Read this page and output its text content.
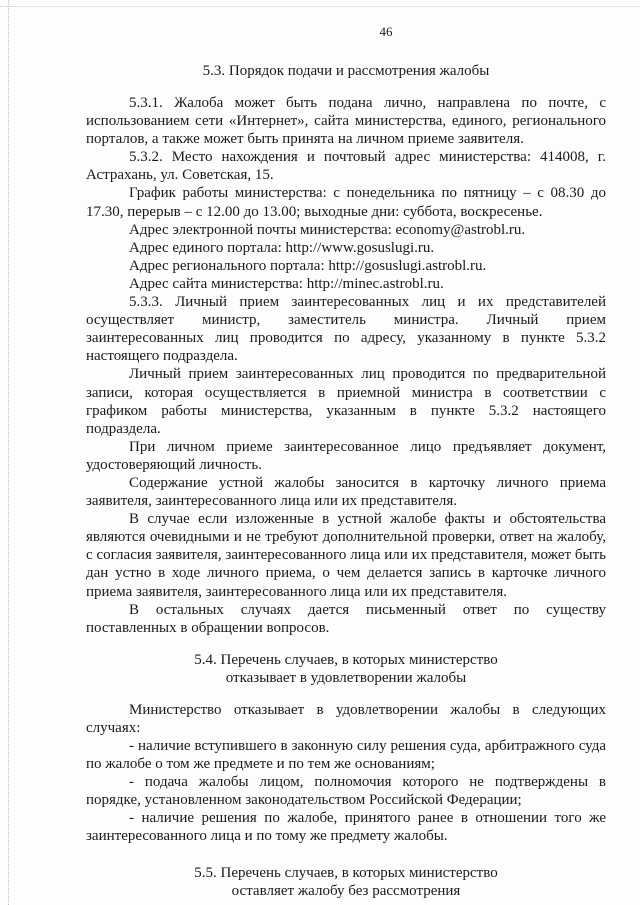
46
5.3. Порядок подачи и рассмотрения жалобы

5.3.1. Жалоба может быть подана лично, направлена по почте, с использованием сети «Интернет», сайта министерства, единого, регионального порталов, а также может быть принята на личном приеме заявителя.

5.3.2. Место нахождения и почтовый адрес министерства: 414008, г. Астрахань, ул. Советская, 15.

График работы министерства: с понедельника по пятницу – с 08.30 до 17.30, перерыв – с 12.00 до 13.00; выходные дни: суббота, воскресенье.

Адрес электронной почты министерства: economy@astrobl.ru.

Адрес единого портала: http://www.gosuslugi.ru.

Адрес регионального портала: http://gosuslugi.astrobl.ru.

Адрес сайта министерства: http://minec.astrobl.ru.

5.3.3. Личный прием заинтересованных лиц и их представителей осуществляет министр, заместитель министра. Личный прием заинтересованных лиц проводится по адресу, указанному в пункте 5.3.2 настоящего подраздела.

Личный прием заинтересованных лиц проводится по предварительной записи, которая осуществляется в приемной министра в соответствии с графиком работы министерства, указанным в пункте 5.3.2 настоящего подраздела.

При личном приеме заинтересованное лицо предъявляет документ, удостоверяющий личность.

Содержание устной жалобы заносится в карточку личного приема заявителя, заинтересованного лица или их представителя.

В случае если изложенные в устной жалобе факты и обстоятельства являются очевидными и не требуют дополнительной проверки, ответ на жалобу, с согласия заявителя, заинтересованного лица или их представителя, может быть дан устно в ходе личного приема, о чем делается запись в карточке личного приема заявителя, заинтересованного лица или их представителя.

В остальных случаях дается письменный ответ по существу поставленных в обращении вопросов.

5.4. Перечень случаев, в которых министерство
отказывает в удовлетворении жалобы

Министерство отказывает в удовлетворении жалобы в следующих случаях:

- наличие вступившего в законную силу решения суда, арбитражного суда по жалобе о том же предмете и по тем же основаниям;

- подача жалобы лицом, полномочия которого не подтверждены в порядке, установленном законодательством Российской Федерации;

- наличие решения по жалобе, принятого ранее в отношении того же заинтересованного лица и по тому же предмету жалобы.

5.5. Перечень случаев, в которых министерство
оставляет жалобу без рассмотрения
